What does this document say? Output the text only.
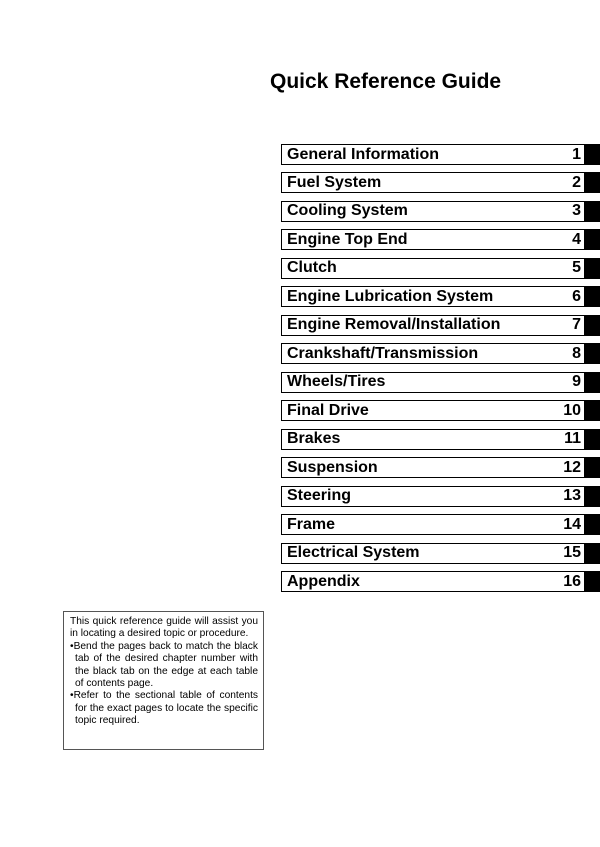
Quick Reference Guide
General Information	1
Fuel System	2
Cooling System	3
Engine Top End	4
Clutch	5
Engine Lubrication System	6
Engine Removal/Installation	7
Crankshaft/Transmission	8
Wheels/Tires	9
Final Drive	10
Brakes	11
Suspension	12
Steering	13
Frame	14
Electrical System	15
Appendix	16

This quick reference guide will assist you in locating a desired topic or procedure.

•Bend the pages back to match the black tab of the desired chapter number with the black tab on the edge at each table of contents page.

•Refer to the sectional table of contents for the exact pages to locate the specific topic required.
